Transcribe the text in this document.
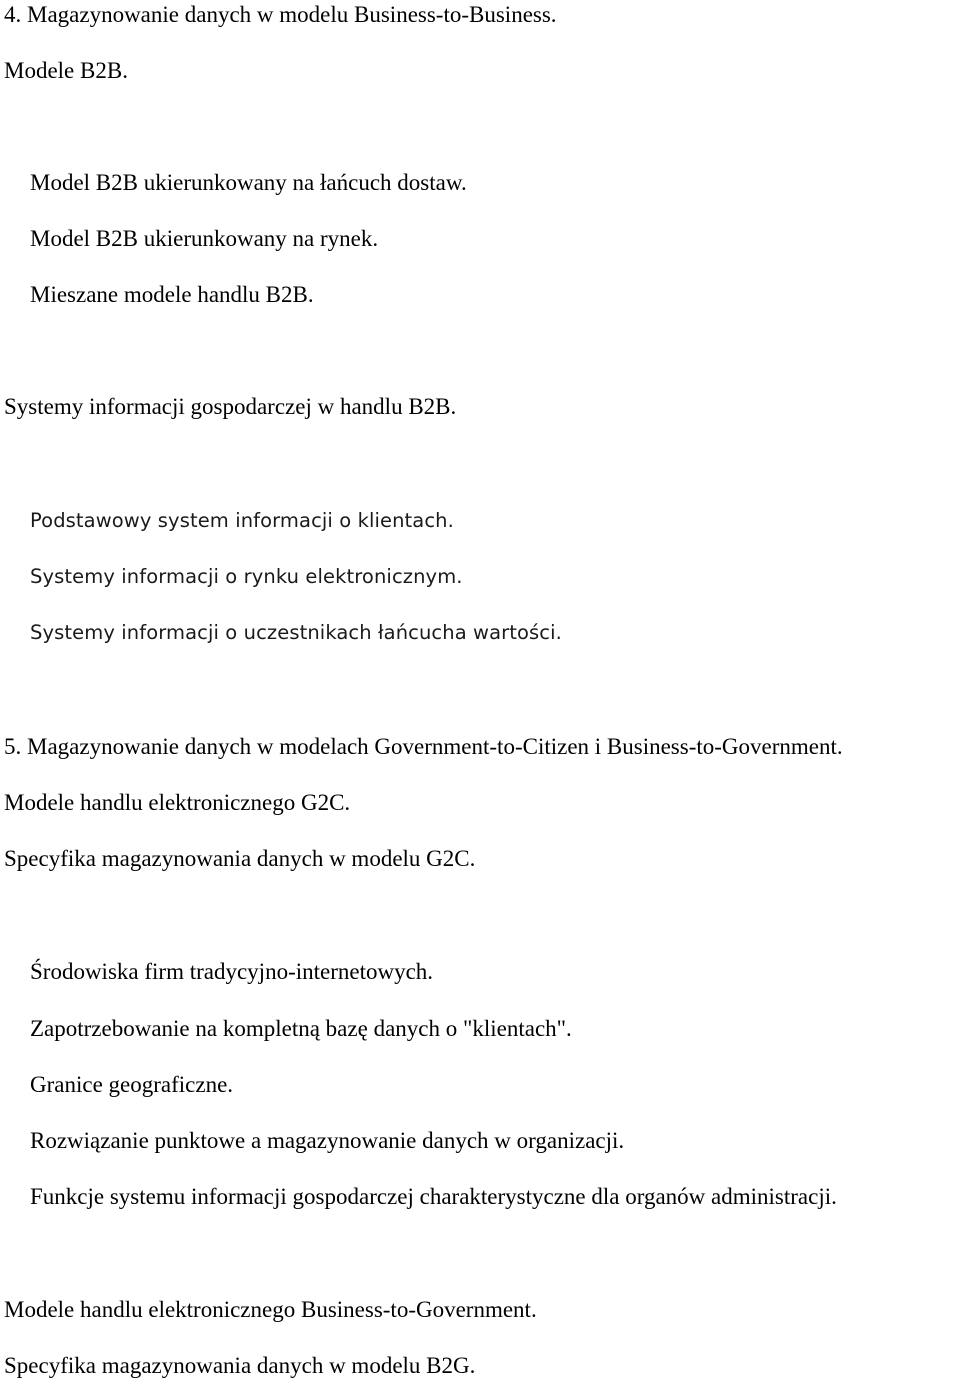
4. Magazynowanie danych w modelu Business-to-Business.
Modele B2B.
Model B2B ukierunkowany na łańcuch dostaw.
Model B2B ukierunkowany na rynek.
Mieszane modele handlu B2B.
Systemy informacji gospodarczej w handlu B2B.
Podstawowy system informacji o klientach.
Systemy informacji o rynku elektronicznym.
Systemy informacji o uczestnikach łańcucha wartości.
5. Magazynowanie danych w modelach Government-to-Citizen i Business-to-Government.
Modele handlu elektronicznego G2C.
Specyfika magazynowania danych w modelu G2C.
Środowiska firm tradycyjno-internetowych.
Zapotrzebowanie na kompletną bazę danych o "klientach".
Granice geograficzne.
Rozwiązanie punktowe a magazynowanie danych w organizacji.
Funkcje systemu informacji gospodarczej charakterystyczne dla organów administracji.
Modele handlu elektronicznego Business-to-Government.
Specyfika magazynowania danych w modelu B2G.
